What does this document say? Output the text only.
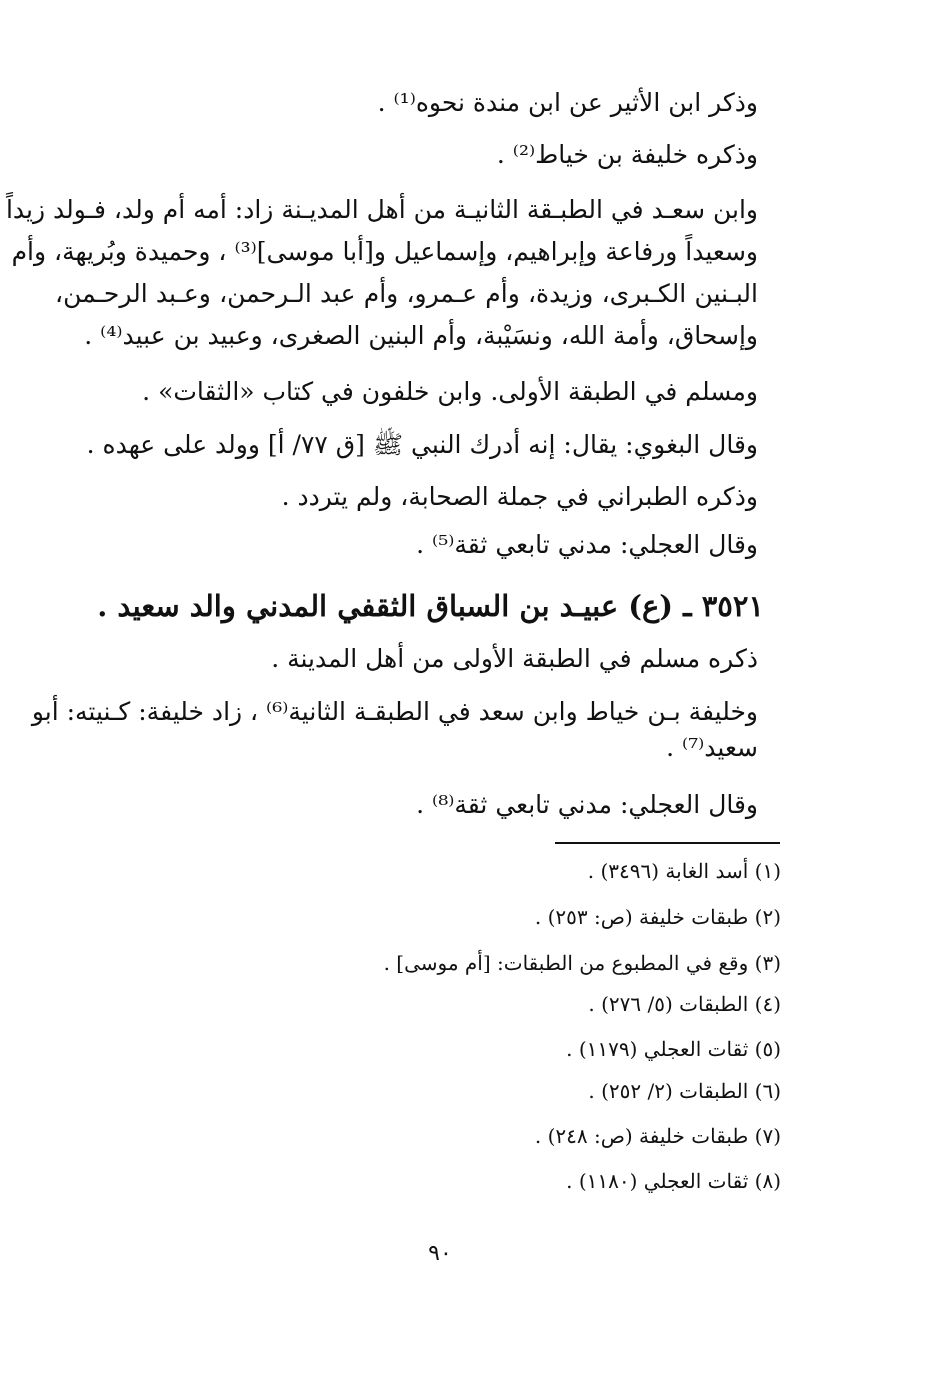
وذكر ابن الأثير عن ابن مندة نحوه⁽¹⁾ .
وذكره خليفة بن خياط⁽²⁾ .
وابن سعـد في الطبـقة الثانيـة من أهل المديـنة زاد: أمه أم ولد، فـولد زيداً
وسعيداً ورفاعة وإبراهيم، وإسماعيل و[أبا موسى]⁽³⁾ ، وحميدة وبُريهة، وأم
البـنين الكـبرى، وزيدة، وأم عـمرو، وأم عبد الـرحمن، وعـبد الرحـمن،
وإسحاق، وأمة الله، ونسَيْبة، وأم البنين الصغرى، وعبيد بن عبيد⁽⁴⁾ .
ومسلم في الطبقة الأولى. وابن خلفون في كتاب «الثقات» .
وقال البغوي: يقال: إنه أدرك النبي ﷺ [ق ٧٧/ أ] وولد على عهده .
وذكره الطبراني في جملة الصحابة، ولم يتردد .
وقال العجلي: مدني تابعي ثقة⁽⁵⁾ .
٣٥٢١ ـ (ع) عبيـد بن السباق الثقفي المدني والد سعيد .
ذكره مسلم في الطبقة الأولى من أهل المدينة .
وخليفة بـن خياط وابن سعد في الطبقـة الثانية⁽⁶⁾ ، زاد خليفة: كـنيته: أبو
سعيد⁽⁷⁾ .
وقال العجلي: مدني تابعي ثقة⁽⁸⁾ .
(١) أسد الغابة (٣٤٩٦) .
(٢) طبقات خليفة (ص: ٢٥٣) .
(٣) وقع في المطبوع من الطبقات: [أم موسى] .
(٤) الطبقات (٥/ ٢٧٦) .
(٥) ثقات العجلي (١١٧٩) .
(٦) الطبقات (٢/ ٢٥٢) .
(٧) طبقات خليفة (ص: ٢٤٨) .
(٨) ثقات العجلي (١١٨٠) .
٩٠
